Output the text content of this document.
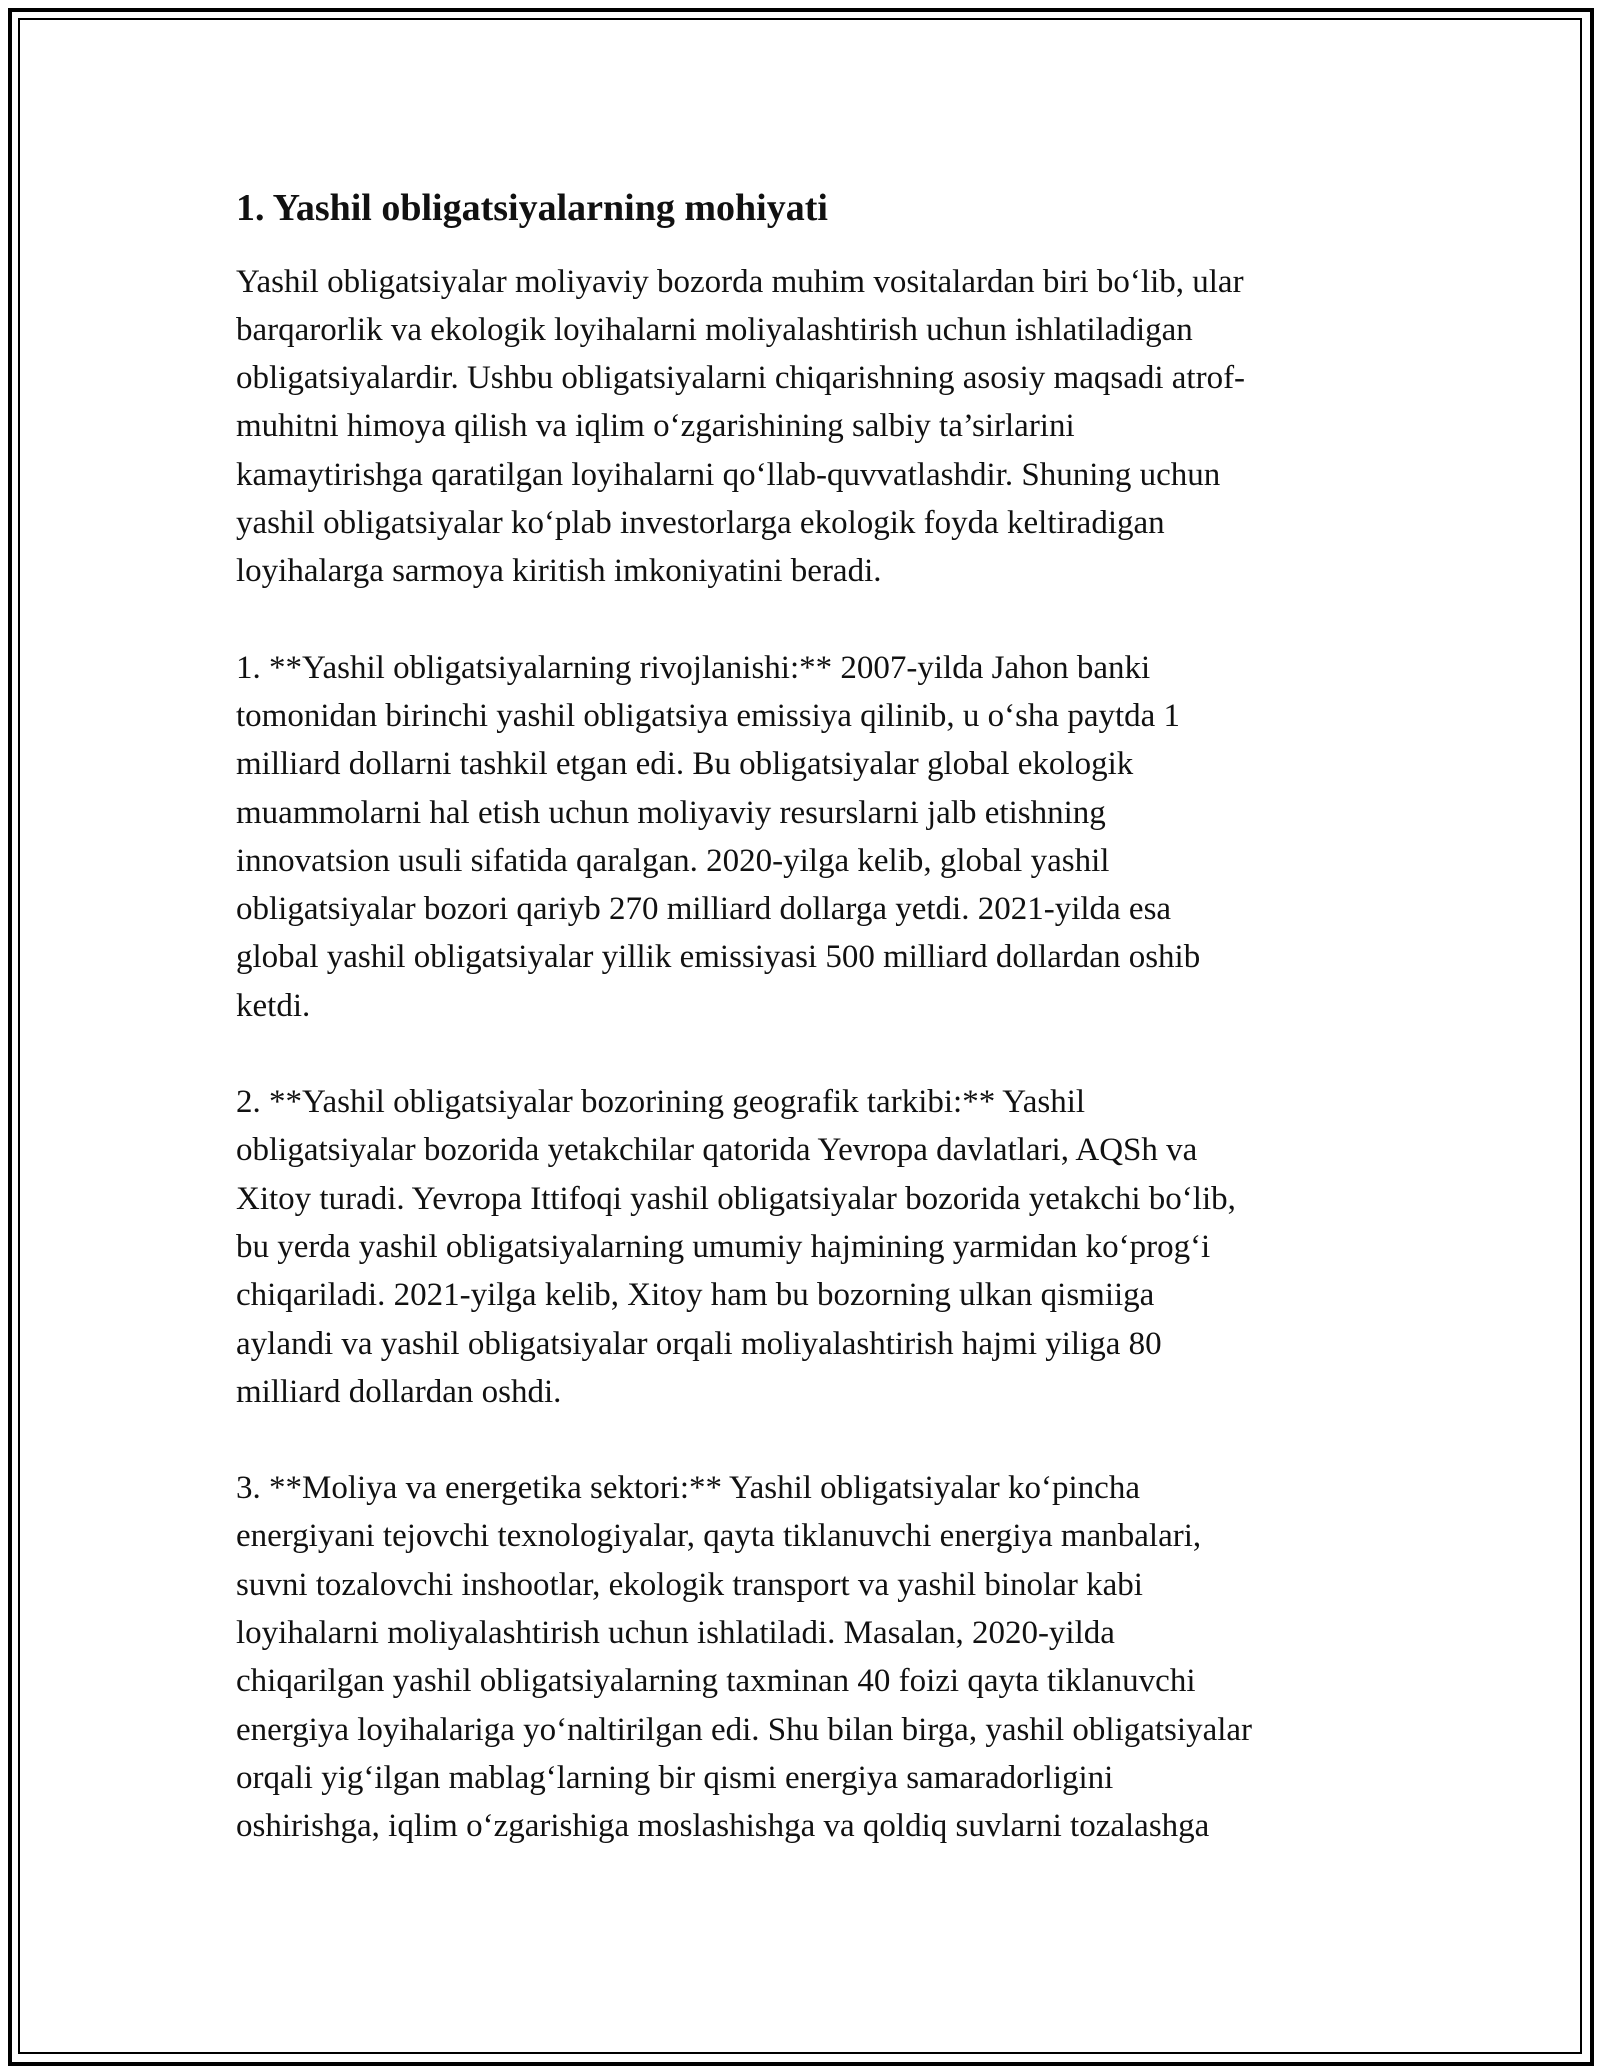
1. Yashil obligatsiyalarning mohiyati

Yashil obligatsiyalar moliyaviy bozorda muhim vositalardan biri bo‘lib, ular
barqarorlik va ekologik loyihalarni moliyalashtirish uchun ishlatiladigan
obligatsiyalardir. Ushbu obligatsiyalarni chiqarishning asosiy maqsadi atrof-
muhitni himoya qilish va iqlim o‘zgarishining salbiy ta’sirlarini
kamaytirishga qaratilgan loyihalarni qo‘llab-quvvatlashdir. Shuning uchun
yashil obligatsiyalar ko‘plab investorlarga ekologik foyda keltiradigan
loyihalarga sarmoya kiritish imkoniyatini beradi.

1. **Yashil obligatsiyalarning rivojlanishi:** 2007-yilda Jahon banki
tomonidan birinchi yashil obligatsiya emissiya qilinib, u o‘sha paytda 1
milliard dollarni tashkil etgan edi. Bu obligatsiyalar global ekologik
muammolarni hal etish uchun moliyaviy resurslarni jalb etishning
innovatsion usuli sifatida qaralgan. 2020-yilga kelib, global yashil
obligatsiyalar bozori qariyb 270 milliard dollarga yetdi. 2021-yilda esa
global yashil obligatsiyalar yillik emissiyasi 500 milliard dollardan oshib
ketdi.

2. **Yashil obligatsiyalar bozorining geografik tarkibi:** Yashil
obligatsiyalar bozorida yetakchilar qatorida Yevropa davlatlari, AQSh va
Xitoy turadi. Yevropa Ittifoqi yashil obligatsiyalar bozorida yetakchi bo‘lib,
bu yerda yashil obligatsiyalarning umumiy hajmining yarmidan ko‘prog‘i
chiqariladi. 2021-yilga kelib, Xitoy ham bu bozorning ulkan qismiiga
aylandi va yashil obligatsiyalar orqali moliyalashtirish hajmi yiliga 80
milliard dollardan oshdi.

3. **Moliya va energetika sektori:** Yashil obligatsiyalar ko‘pincha
energiyani tejovchi texnologiyalar, qayta tiklanuvchi energiya manbalari,
suvni tozalovchi inshootlar, ekologik transport va yashil binolar kabi
loyihalarni moliyalashtirish uchun ishlatiladi. Masalan, 2020-yilda
chiqarilgan yashil obligatsiyalarning taxminan 40 foizi qayta tiklanuvchi
energiya loyihalariga yo‘naltirilgan edi. Shu bilan birga, yashil obligatsiyalar
orqali yig‘ilgan mablag‘larning bir qismi energiya samaradorligini
oshirishga, iqlim o‘zgarishiga moslashishga va qoldiq suvlarni tozalashga
